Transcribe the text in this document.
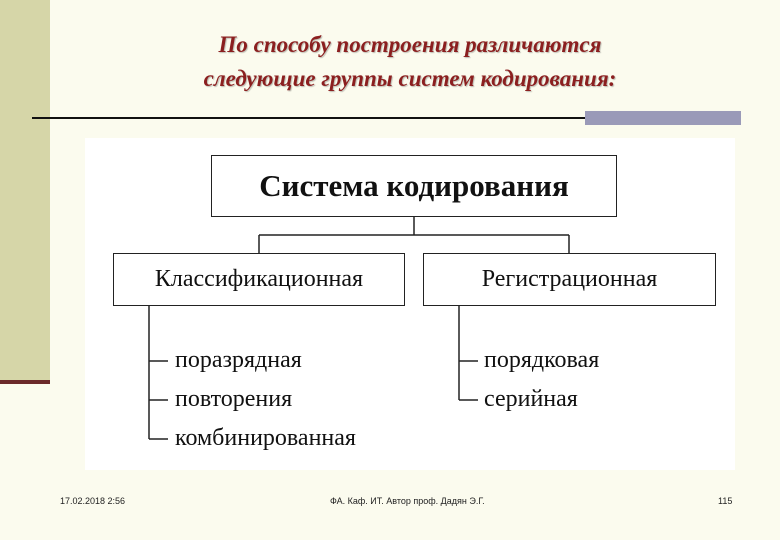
По способу построения различаются
следующие группы систем кодирования:
Система кодирования
Классификационная	Регистрационная
поразрядная
повторения
комбинированная
порядковая
серийная
17.02.2018 2:56	ФА. Каф. ИТ. Автор проф. Дадян Э.Г.	115
